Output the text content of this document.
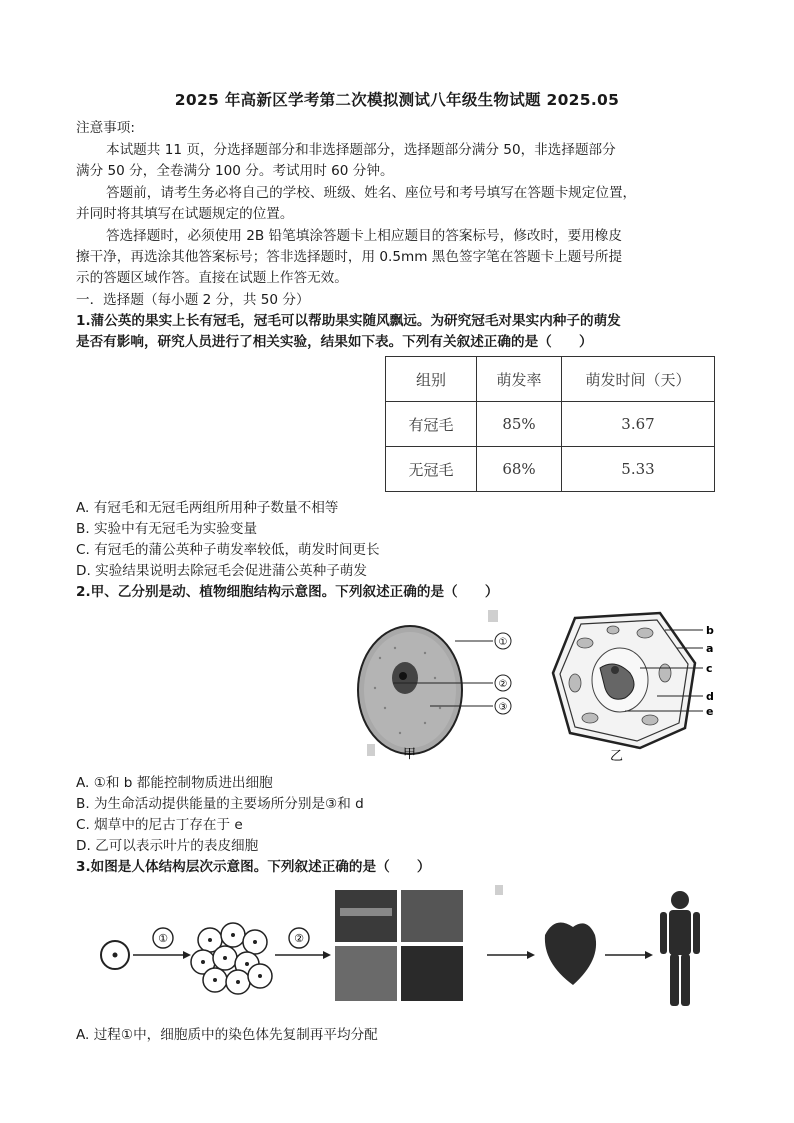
2025 年高新区学考第二次模拟测试八年级生物试题 2025.05
注意事项:
本试题共 11 页，分选择题部分和非选择题部分，选择题部分满分 50，非选择题部分
满分 50 分，全卷满分 100 分。考试用时 60 分钟。
答题前，请考生务必将自己的学校、班级、姓名、座位号和考号填写在答题卡规定位置，
并同时将其填写在试题规定的位置。
答选择题时，必须使用 2B 铅笔填涂答题卡上相应题目的答案标号，修改时，要用橡皮
擦干净，再选涂其他答案标号；答非选择题时，用 0.5mm 黑色签字笔在答题卡上题号所提
示的答题区域作答。直接在试题上作答无效。
一．选择题（每小题 2 分，共 50 分）
1.蒲公英的果实上长有冠毛，冠毛可以帮助果实随风飘远。为研究冠毛对果实内种子的萌发
是否有影响，研究人员进行了相关实验，结果如下表。下列有关叙述正确的是（　　）
组别	萌发率	萌发时间（天）
有冠毛	85%	3.67
无冠毛	68%	5.33
A. 有冠毛和无冠毛两组所用种子数量不相等
B. 实验中有无冠毛为实验变量
C. 有冠毛的蒲公英种子萌发率较低，萌发时间更长
D. 实验结果说明去除冠毛会促进蒲公英种子萌发
2.甲、乙分别是动、植物细胞结构示意图。下列叙述正确的是（　　）
①
②
③
甲
b
a
c
d
e
乙
A. ①和 b 都能控制物质进出细胞
B. 为生命活动提供能量的主要场所分别是③和 d
C. 烟草中的尼古丁存在于 e
D. 乙可以表示叶片的表皮细胞
3.如图是人体结构层次示意图。下列叙述正确的是（　　）
①	②
A. 过程①中，细胞质中的染色体先复制再平均分配
